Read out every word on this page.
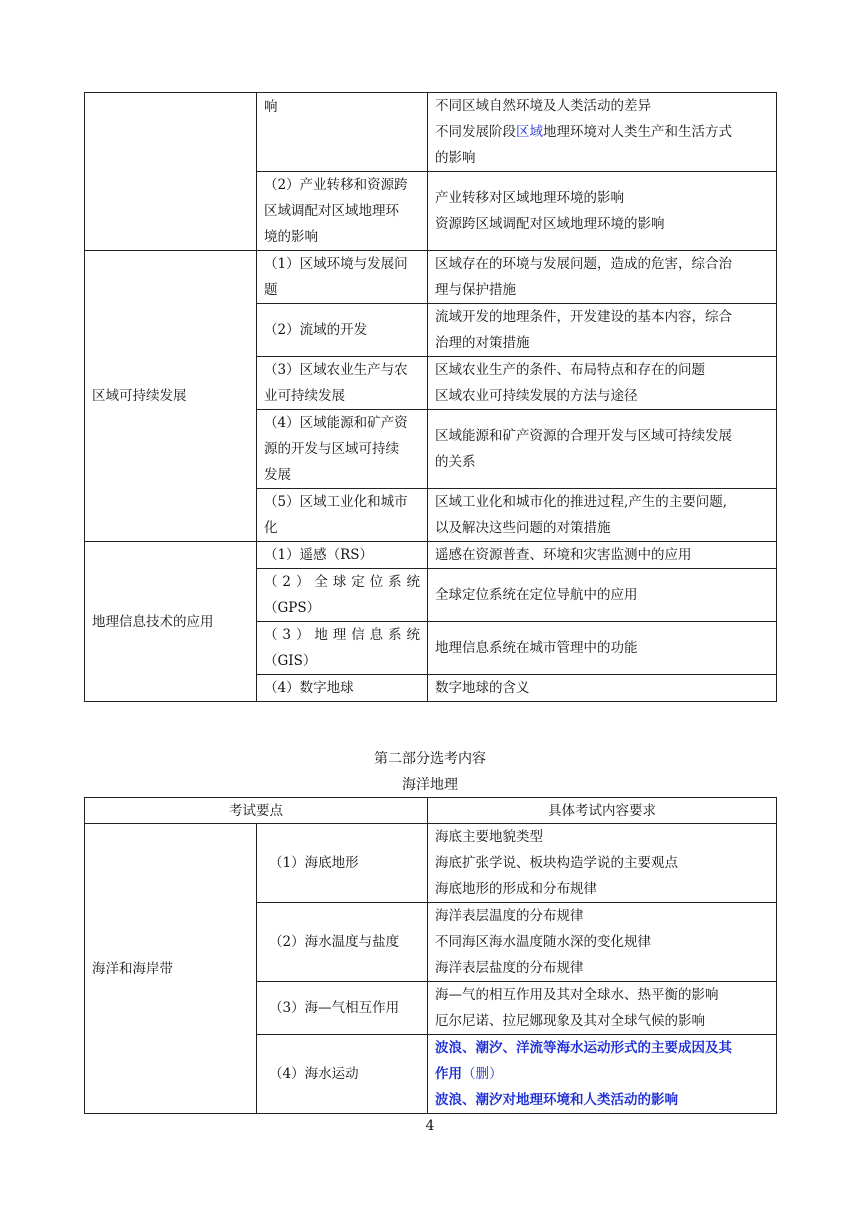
	响	不同区域自然环境及人类活动的差异
不同发展阶段区域地理环境对人类生产和生活方式
的影响

	（2）产业转移和资源跨
区域调配对区域地理环
境的影响	产业转移对区域地理环境的影响
资源跨区域调配对区域地理环境的影响

区域可持续发展	（1）区域环境与发展问
题	区域存在的环境与发展问题，造成的危害，综合治
理与保护措施

	（2）流域的开发	流域开发的地理条件，开发建设的基本内容，综合
治理的对策措施

	（3）区域农业生产与农
业可持续发展	区域农业生产的条件、布局特点和存在的问题
区域农业可持续发展的方法与途径

	（4）区域能源和矿产资
源的开发与区域可持续
发展	区域能源和矿产资源的合理开发与区域可持续发展
的关系

	（5）区域工业化和城市
化	区域工业化和城市化的推进过程,产生的主要问题,
以及解决这些问题的对策措施

地理信息技术的应用	（1）遥感（RS）	遥感在资源普查、环境和灾害监测中的应用

	（2）全球定位系统
（GPS）	全球定位系统在定位导航中的应用

	（3）地理信息系统
（GIS）	地理信息系统在城市管理中的功能
	（4）数字地球	数字地球的含义
第二部分选考内容
海洋地理
考试要点		具体考试内容要求
海洋和海岸带	（1）海底地形	海底主要地貌类型
海底扩张学说、板块构造学说的主要观点
海底地形的形成和分布规律

	（2）海水温度与盐度	海洋表层温度的分布规律
不同海区海水温度随水深的变化规律
海洋表层盐度的分布规律

	（3）海—气相互作用	海—气的相互作用及其对全球水、热平衡的影响
厄尔尼诺、拉尼娜现象及其对全球气候的影响

	（4）海水运动	波浪、潮汐、洋流等海水运动形式的主要成因及其
作用（删）
波浪、潮汐对地理环境和人类活动的影响
4
